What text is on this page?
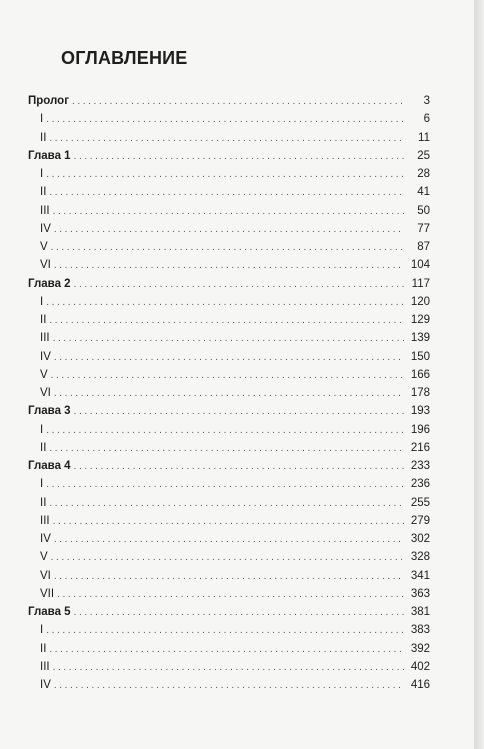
ОГЛАВЛЕНИЕ
Пролог .....	3
I .....	6
II .....	11
Глава 1 .....	25
I .....	28
II .....	41
III .....	50
IV .....	77
V .....	87
VI .....	104
Глава 2 .....	117
I .....	120
II .....	129
III .....	139
IV .....	150
V .....	166
VI .....	178
Глава 3 .....	193
I .....	196
II .....	216
Глава 4 .....	233
I .....	236
II .....	255
III .....	279
IV .....	302
V .....	328
VI .....	341
VII .....	363
Глава 5 .....	381
I .....	383
II .....	392
III .....	402
IV .....	416
